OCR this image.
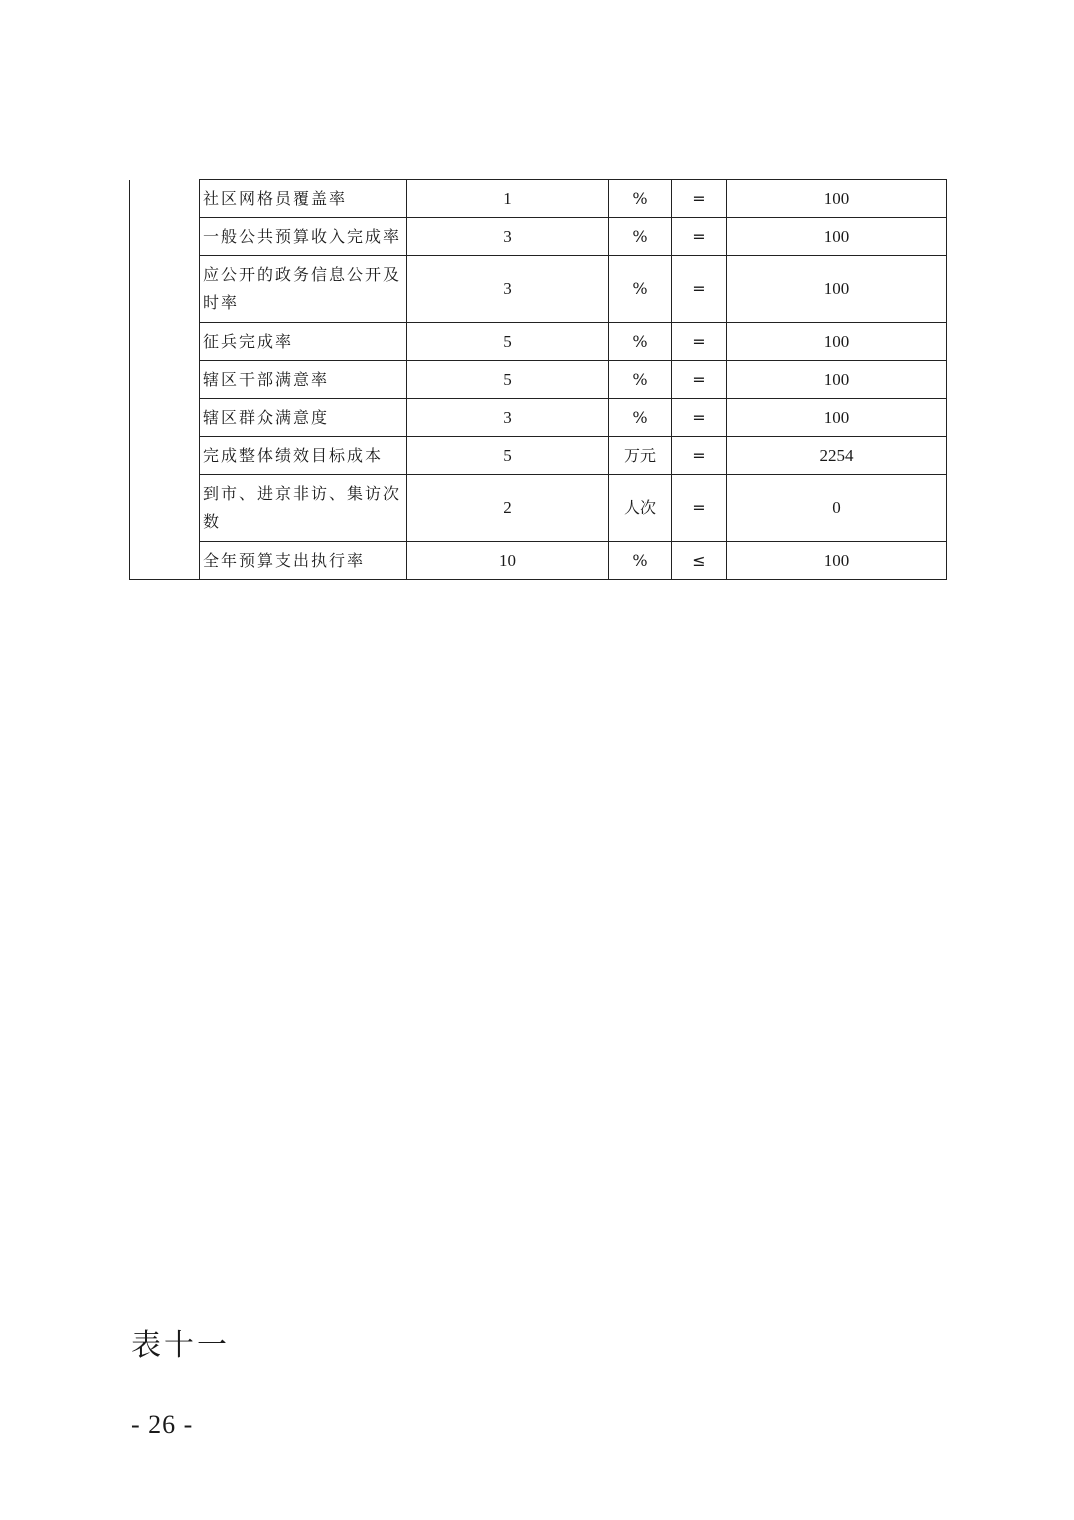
	社区网格员覆盖率	1	%	=	100
	一般公共预算收入完成率	3	%	=	100
	应公开的政务信息公开及时率	3	%	=	100
	征兵完成率	5	%	=	100
	辖区干部满意率	5	%	=	100
	辖区群众满意度	3	%	=	100
	完成整体绩效目标成本	5	万元	=	2254
	到市、进京非访、集访次数	2	人次	=	0
	全年预算支出执行率	10	%	≤	100
表十一
- 26 -
